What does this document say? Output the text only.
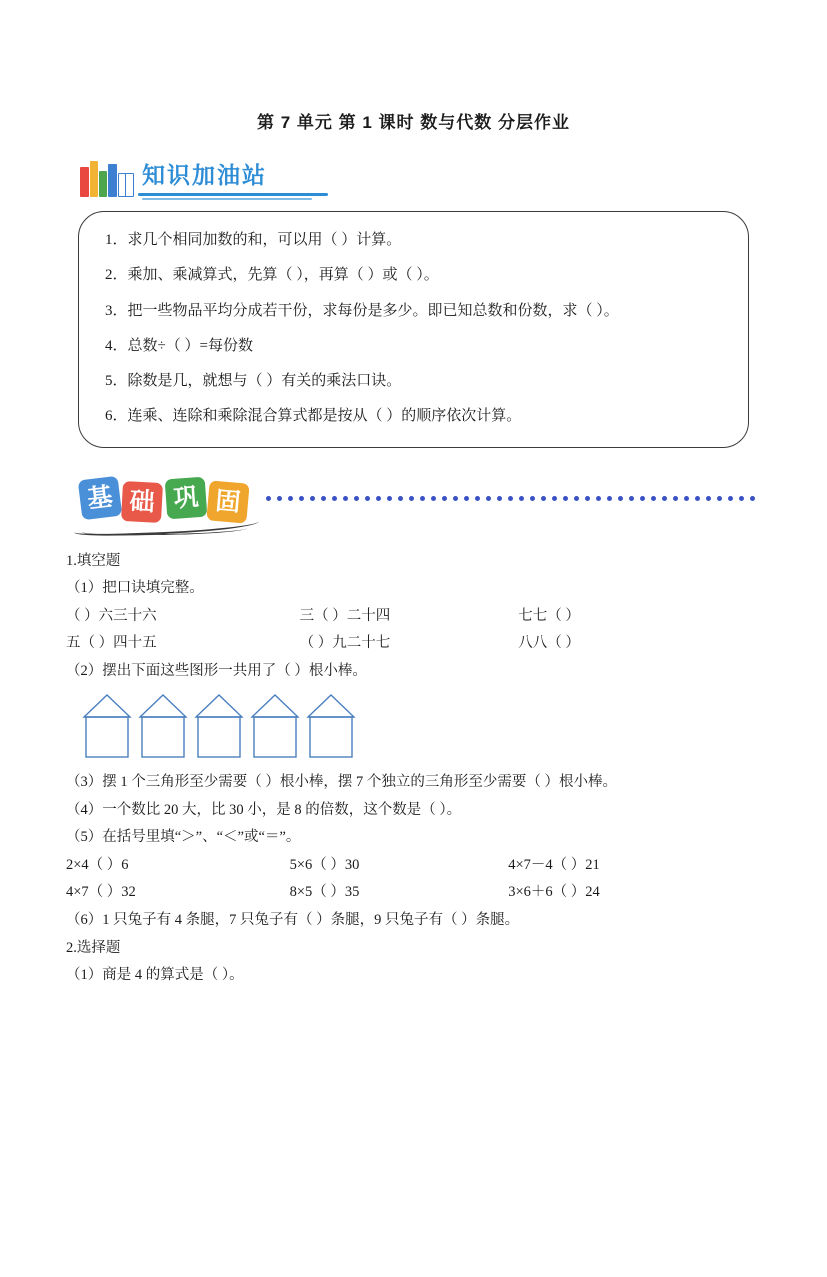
第 7 单元 第 1 课时 数与代数 分层作业
知识加油站

1．求几个相同加数的和，可以用（ ）计算。

2．乘加、乘减算式，先算（ ），再算（ ）或（ ）。

3．把一些物品平均分成若干份，求每份是多少。即已知总数和份数，求（ ）。

4．总数÷（ ）=每份数

5．除数是几，就想与（ ）有关的乘法口诀。

6．连乘、连除和乘除混合算式都是按从（ ）的顺序依次计算。

基 础 巩 固
1.填空题
（1）把口诀填完整。
（ ）六三十六	三（ ）二十四	七七（ ）
五（ ）四十五	（ ）九二十七	八八（ ）
（2）摆出下面这些图形一共用了（ ）根小棒。
（3）摆 1 个三角形至少需要（ ）根小棒，摆 7 个独立的三角形至少需要（ ）根小棒。
（4）一个数比 20 大，比 30 小，是 8 的倍数，这个数是（ ）。
（5）在括号里填“＞”、“＜”或“＝”。
2×4（ ）6	5×6（ ）30	4×7－4（ ）21
4×7（ ）32	8×5（ ）35	3×6＋6（ ）24
（6）1 只兔子有 4 条腿，7 只兔子有（ ）条腿，9 只兔子有（ ）条腿。
2.选择题
（1）商是 4 的算式是（ ）。
